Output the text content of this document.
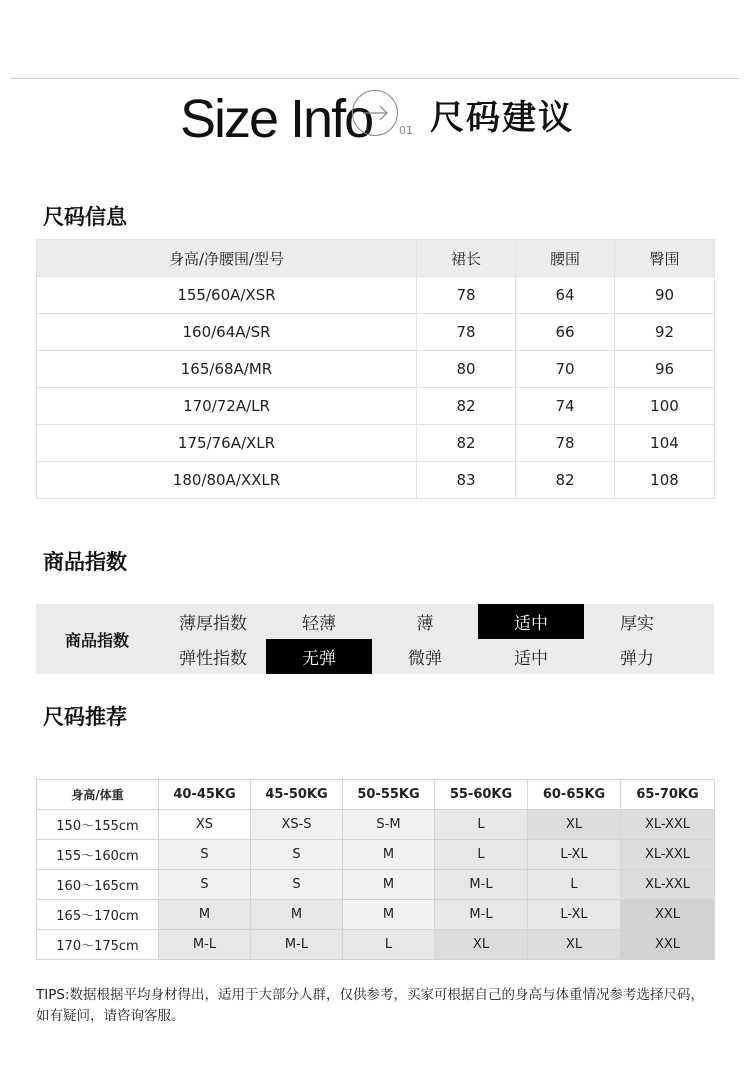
Size Info 01 尺码建议
尺码信息
身高/净腰围/型号	裙长	腰围	臀围
155/60A/XSR	78	64	90
160/64A/SR	78	66	92
165/68A/MR	80	70	96
170/72A/LR	82	74	100
175/76A/XLR	82	78	104
180/80A/XXLR	83	82	108
商品指数
商品指数
薄厚指数	轻薄	薄	适中	厚实
弹性指数	无弹	微弹	适中	弹力
尺码推荐
身高/体重	40-45KG	45-50KG	50-55KG	55-60KG	60-65KG	65-70KG
150～155cm	XS	XS-S	S-M	L	XL	XL-XXL
155～160cm	S	S	M	L	L-XL	XL-XXL
160～165cm	S	S	M	M-L	L	XL-XXL
165～170cm	M	M	M	M-L	L-XL	XXL
170～175cm	M-L	M-L	L	XL	XL	XXL
TIPS:数据根据平均身材得出，适用于大部分人群，仅供参考，买家可根据自己的身高与体重情况参考选择尺码，如有疑问，请咨询客服。
